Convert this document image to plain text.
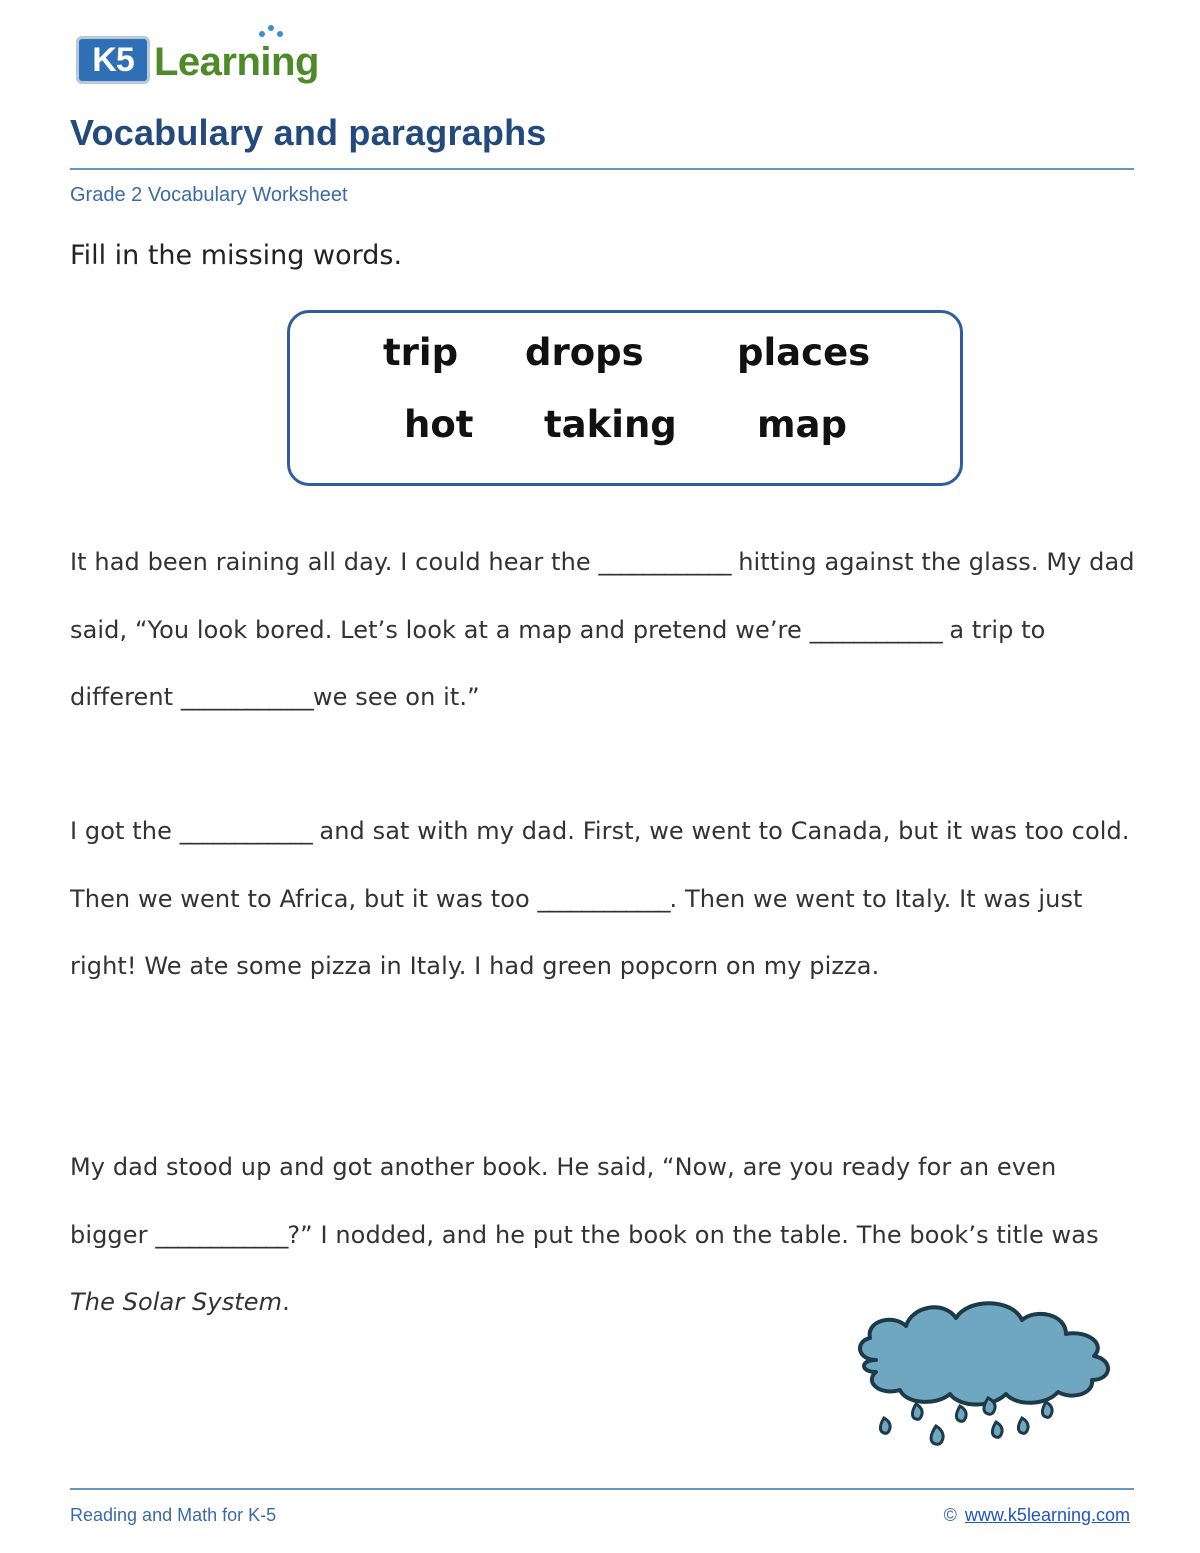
K5 Learning
Vocabulary and paragraphs
Grade 2 Vocabulary Worksheet
Fill in the missing words.
trip drops	places
hot taking map

It had been raining all day. I could hear the ____________ hitting against the glass. My dad said, “You look bored. Let’s look at a map and pretend we’re ____________ a trip to different ____________we see on it.”

I got the ____________ and sat with my dad. First, we went to Canada, but it was too cold. Then we went to Africa, but it was too ____________. Then we went to Italy. It was just right! We ate some pizza in Italy. I had green popcorn on my pizza.

My dad stood up and got another book. He said, “Now, are you ready for an even bigger ____________?” I nodded, and he put the book on the table. The book’s title was The Solar System.

Reading and Math for K-5	© www.k5learning.com
